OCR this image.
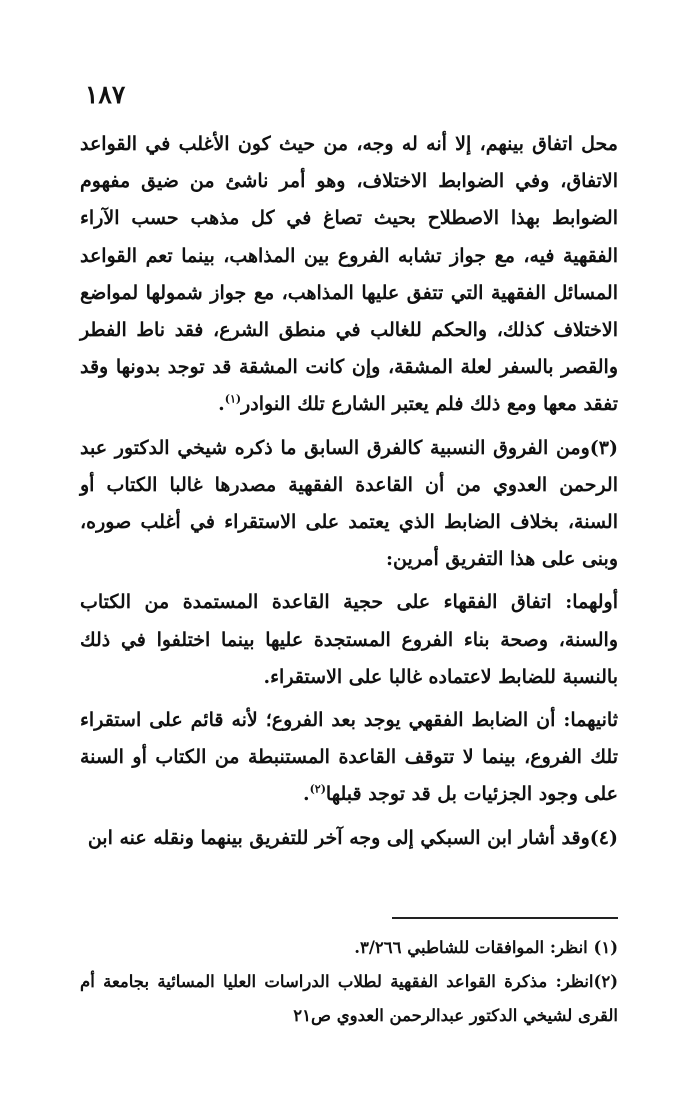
١٨٧

محل اتفاق بينهم، إلا أنه له وجه، من حيث كون الأغلب في القواعد الاتفاق، وفي الضوابط الاختلاف، وهو أمر ناشئ من ضيق مفهوم الضوابط بهذا الاصطلاح بحيث تصاغ في كل مذهب حسب الآراء الفقهية فيه، مع جواز تشابه الفروع بين المذاهب، بينما تعم القواعد المسائل الفقهية التي تتفق عليها المذاهب، مع جواز شمولها لمواضع الاختلاف كذلك، والحكم للغالب في منطق الشرع، فقد ناط الفطر والقصر بالسفر لعلة المشقة، وإن كانت المشقة قد توجد بدونها وقد تفقد معها ومع ذلك فلم يعتبر الشارع تلك النوادر$^{(١)}$.

(٣)ومن الفروق النسبية كالفرق السابق ما ذكره شيخي الدكتور عبد الرحمن العدوي من أن القاعدة الفقهية مصدرها غالبا الكتاب أو السنة، بخلاف الضابط الذي يعتمد على الاستقراء في أغلب صوره، وبنى على هذا التفريق أمرين:

أولهما: اتفاق الفقهاء على حجية القاعدة المستمدة من الكتاب والسنة، وصحة بناء الفروع المستجدة عليها بينما اختلفوا في ذلك بالنسبة للضابط لاعتماده غالبا على الاستقراء.

ثانيهما: أن الضابط الفقهي يوجد بعد الفروع؛ لأنه قائم على استقراء تلك الفروع، بينما لا تتوقف القاعدة المستنبطة من الكتاب أو السنة على وجود الجزئيات بل قد توجد قبلها$^{(٢)}$.

(٤)وقد أشار ابن السبكي إلى وجه آخر للتفريق بينهما ونقله عنه ابن

(١) انظر: الموافقات للشاطبي ٣/٢٦٦.

(٢)انظر: مذكرة القواعد الفقهية لطلاب الدراسات العليا المسائية بجامعة أم القرى لشيخي الدكتور عبدالرحمن العدوي ص٢١
